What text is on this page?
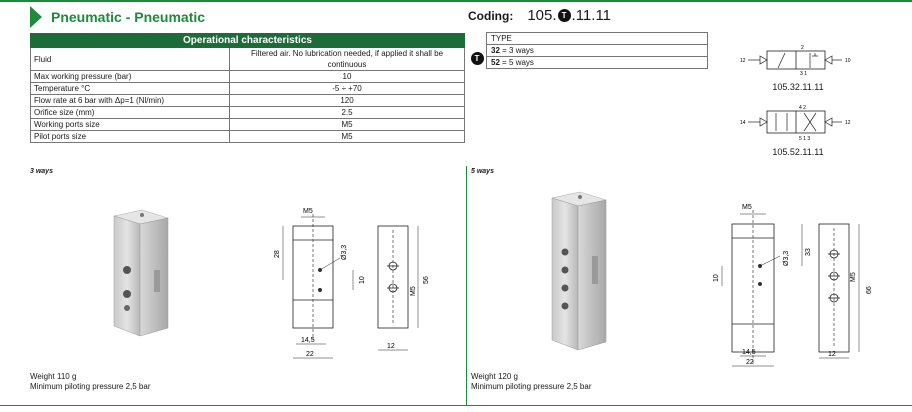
Pneumatic - Pneumatic	Coding: 105. T .11.11
Operational characteristics	
Fluid	Filtered air. No lubrication needed, if applied it shall be continuous
Max working pressure (bar)	10
Temperature °C	-5 ÷ +70
Flow rate at 6 bar with Δp=1 (Nl/min)	120
Orifice size (mm)	2.5
Working ports size	M5
Pilot ports size	M5
T
TYPE
32 = 3 ways
52 = 5 ways	12
2
3 1
10
105.32.11.11
14
4 2
5 1 3
12
105.52.11.11
3 ways
M5
28	Ø3,3
10
M5
56
14,5
22
12
Weight 110 g
Minimum piloting pressure 2,5 bar
5 ways
M5
33
Ø3,3
10	M5
66
14,5
22
12
Weight 120 g
Minimum piloting pressure 2,5 bar
